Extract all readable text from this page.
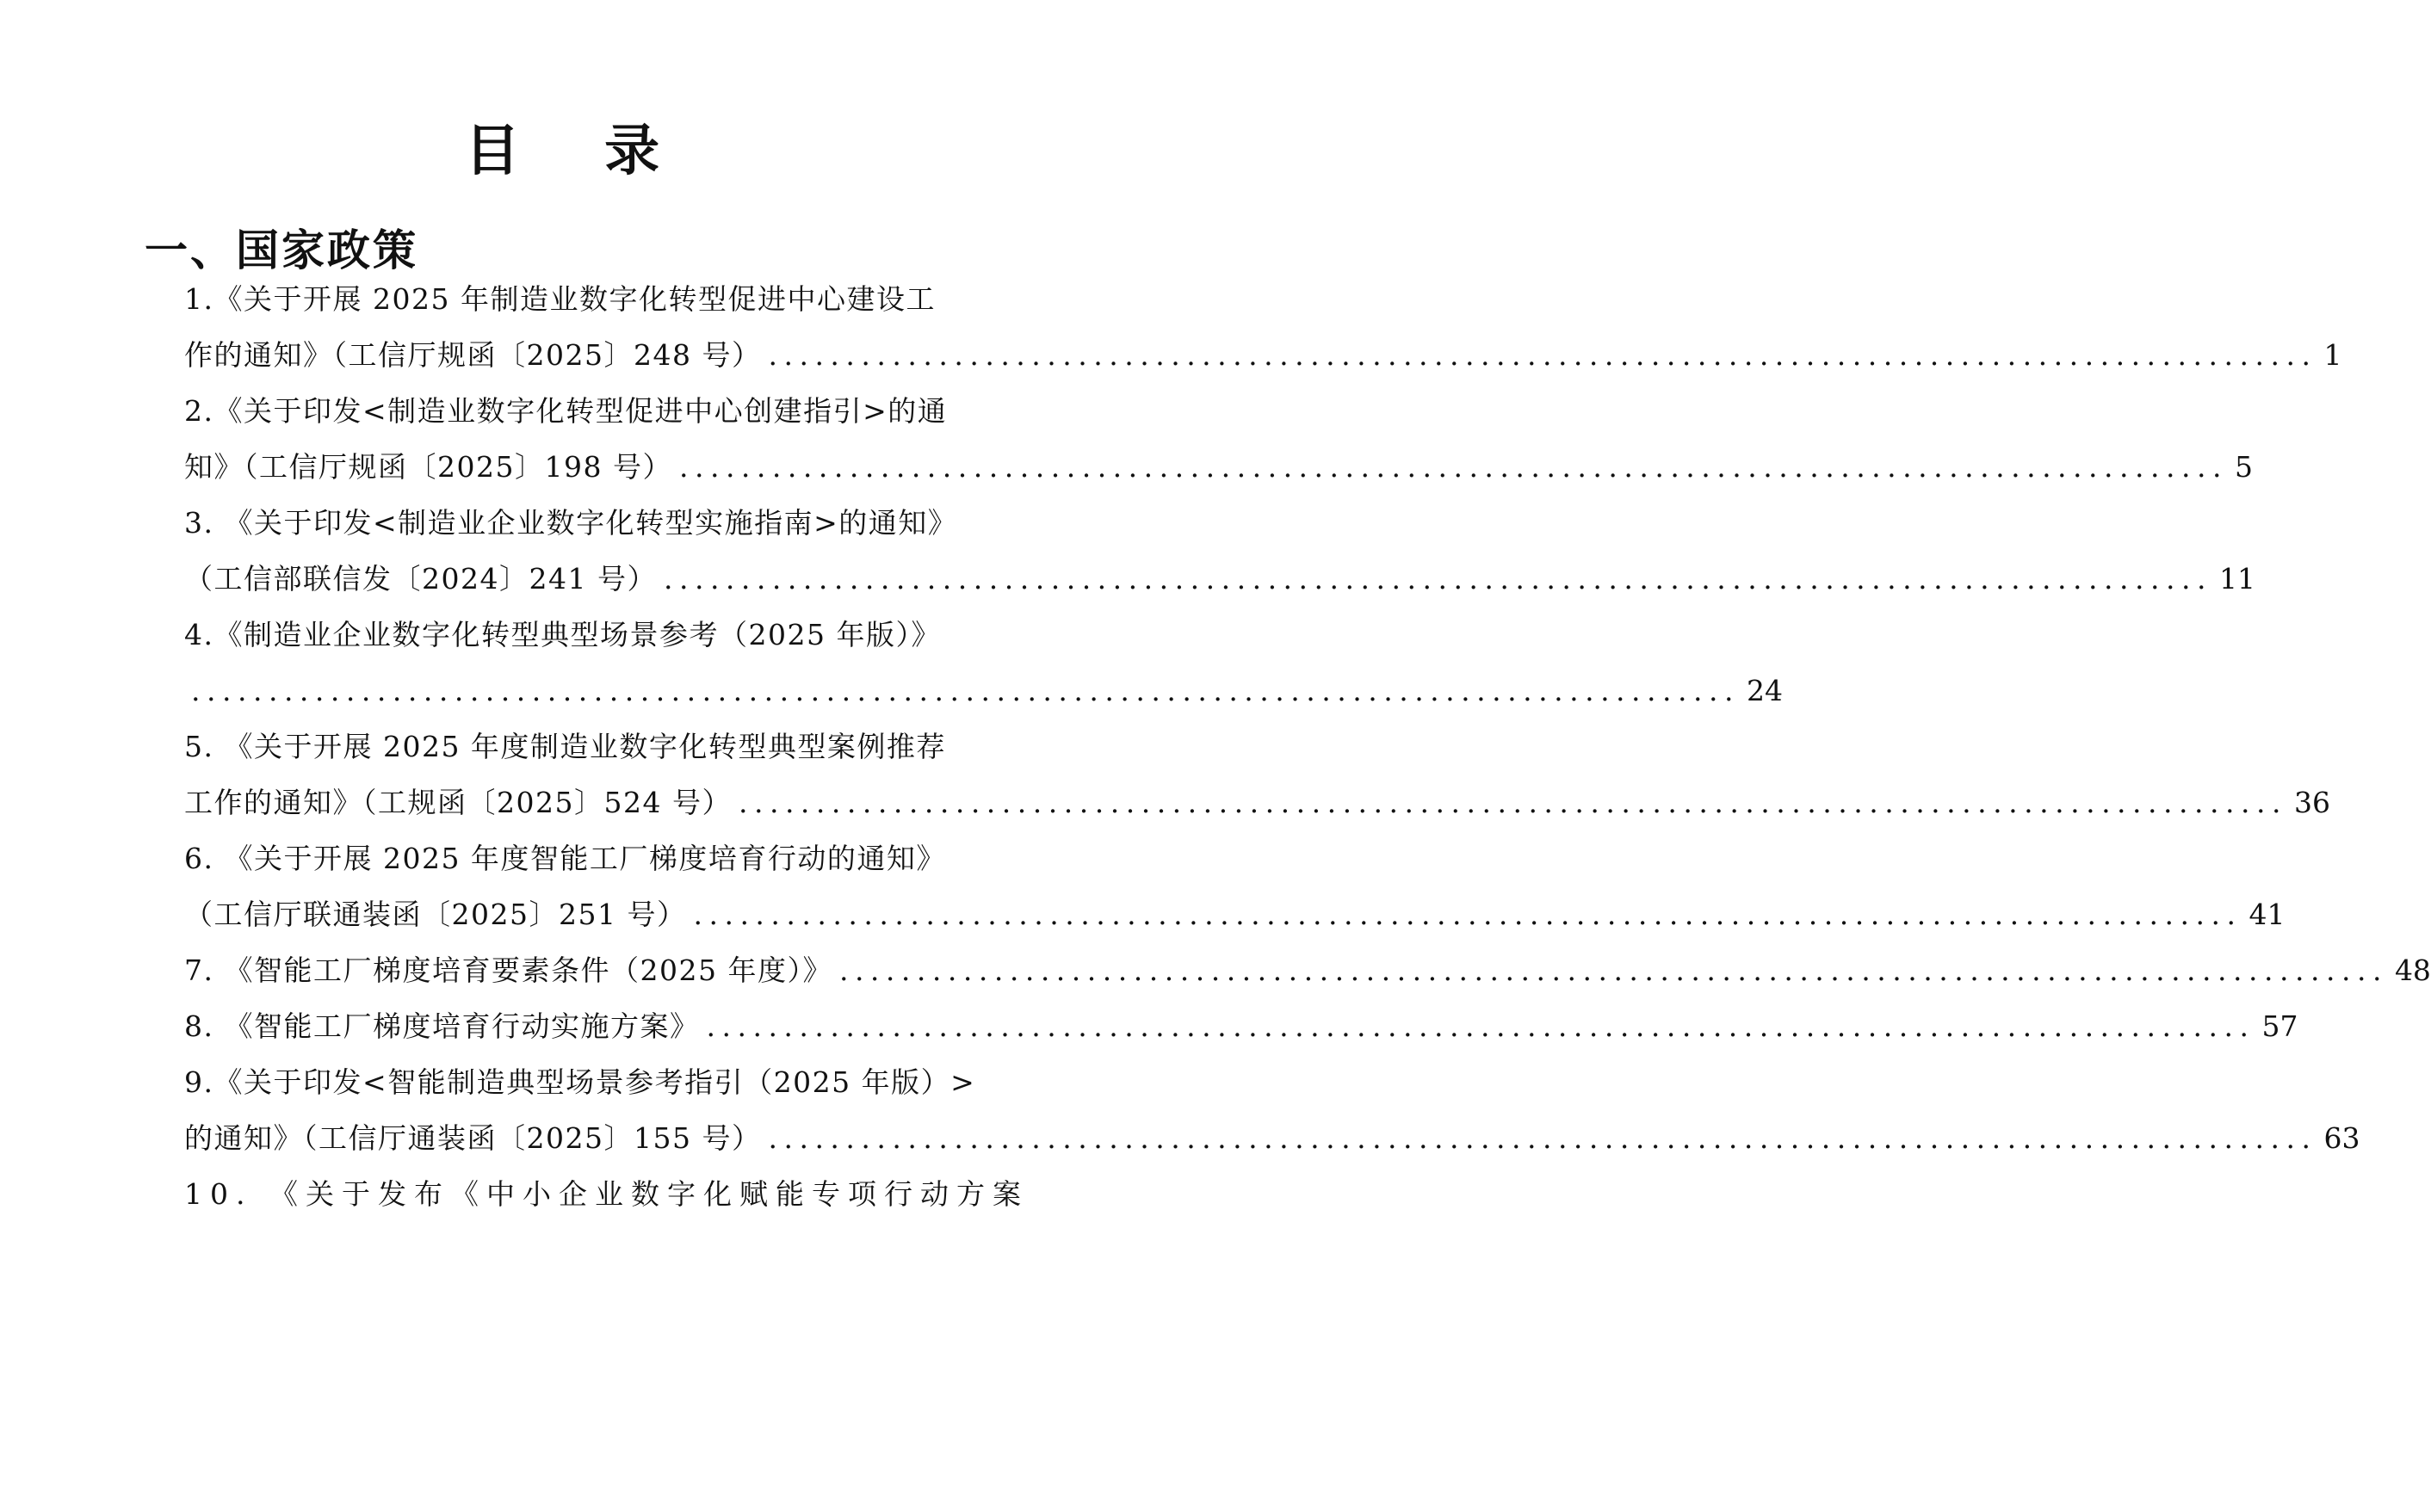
目 录
一、国家政策
1.《关于开展 2025 年制造业数字化转型促进中心建设工
作的通知》（工信厅规函〔2025〕248 号） .................................................................................................... 1
2.《关于印发<制造业数字化转型促进中心创建指引>的通
知》（工信厅规函〔2025〕198 号） .................................................................................................... 5
3. 《关于印发<制造业企业数字化转型实施指南>的通知》
（工信部联信发〔2024〕241 号） .................................................................................................... 11
4.《制造业企业数字化转型典型场景参考（2025 年版）》
.................................................................................................... 24
5. 《关于开展 2025 年度制造业数字化转型典型案例推荐
工作的通知》（工规函〔2025〕524 号） .................................................................................................... 36
6. 《关于开展 2025 年度智能工厂梯度培育行动的通知》
（工信厅联通装函〔2025〕251 号） .................................................................................................... 41
7. 《智能工厂梯度培育要素条件（2025 年度）》 .................................................................................................... 48
8. 《智能工厂梯度培育行动实施方案》 .................................................................................................... 57
9.《关于印发<智能制造典型场景参考指引（2025 年版）>
的通知》（工信厅通装函〔2025〕155 号） .................................................................................................... 63
10. 《关于发布《中小企业数字化赋能专项行动方案
